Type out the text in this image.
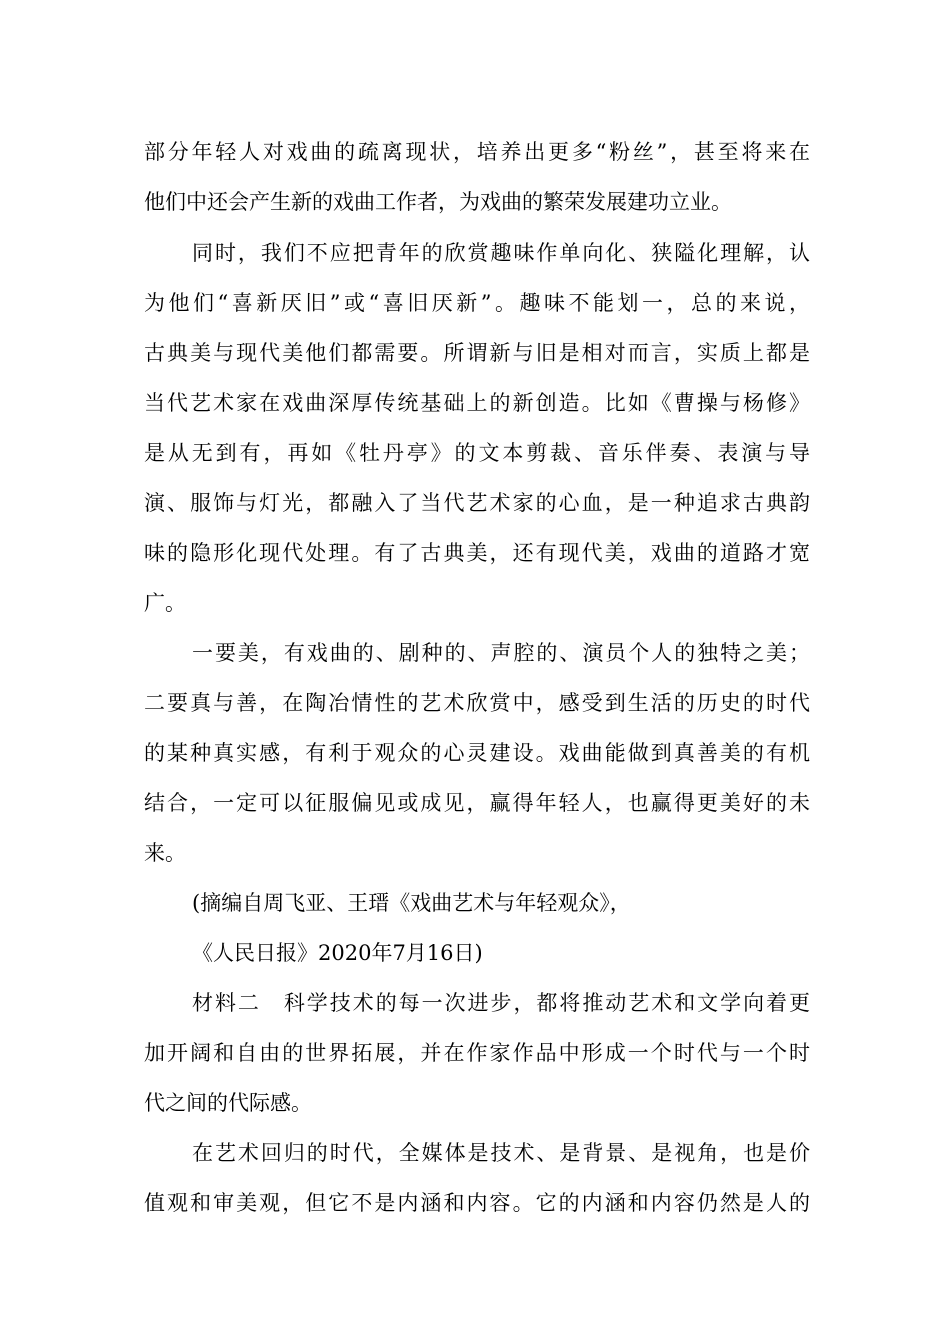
部分年轻人对戏曲的疏离现状，培养出更多“粉丝”，甚至将来在
他们中还会产生新的戏曲工作者，为戏曲的繁荣发展建功立业。
同时，我们不应把青年的欣赏趣味作单向化、狭隘化理解，认
为他们“喜新厌旧”或“喜旧厌新”。趣味不能划一，总的来说，
古典美与现代美他们都需要。所谓新与旧是相对而言，实质上都是
当代艺术家在戏曲深厚传统基础上的新创造。比如《曹操与杨修》
是从无到有，再如《牡丹亭》的文本剪裁、音乐伴奏、表演与导
演、服饰与灯光，都融入了当代艺术家的心血，是一种追求古典韵
味的隐形化现代处理。有了古典美，还有现代美，戏曲的道路才宽
广。
一要美，有戏曲的、剧种的、声腔的、演员个人的独特之美；
二要真与善，在陶冶情性的艺术欣赏中，感受到生活的历史的时代
的某种真实感，有利于观众的心灵建设。戏曲能做到真善美的有机
结合，一定可以征服偏见或成见，赢得年轻人，也赢得更美好的未
来。
(摘编自周飞亚、王瑨《戏曲艺术与年轻观众》，
《人民日报》2020年7月16日)
材料二　科学技术的每一次进步，都将推动艺术和文学向着更
加开阔和自由的世界拓展，并在作家作品中形成一个时代与一个时
代之间的代际感。
在艺术回归的时代，全媒体是技术、是背景、是视角，也是价
值观和审美观，但它不是内涵和内容。它的内涵和内容仍然是人的
